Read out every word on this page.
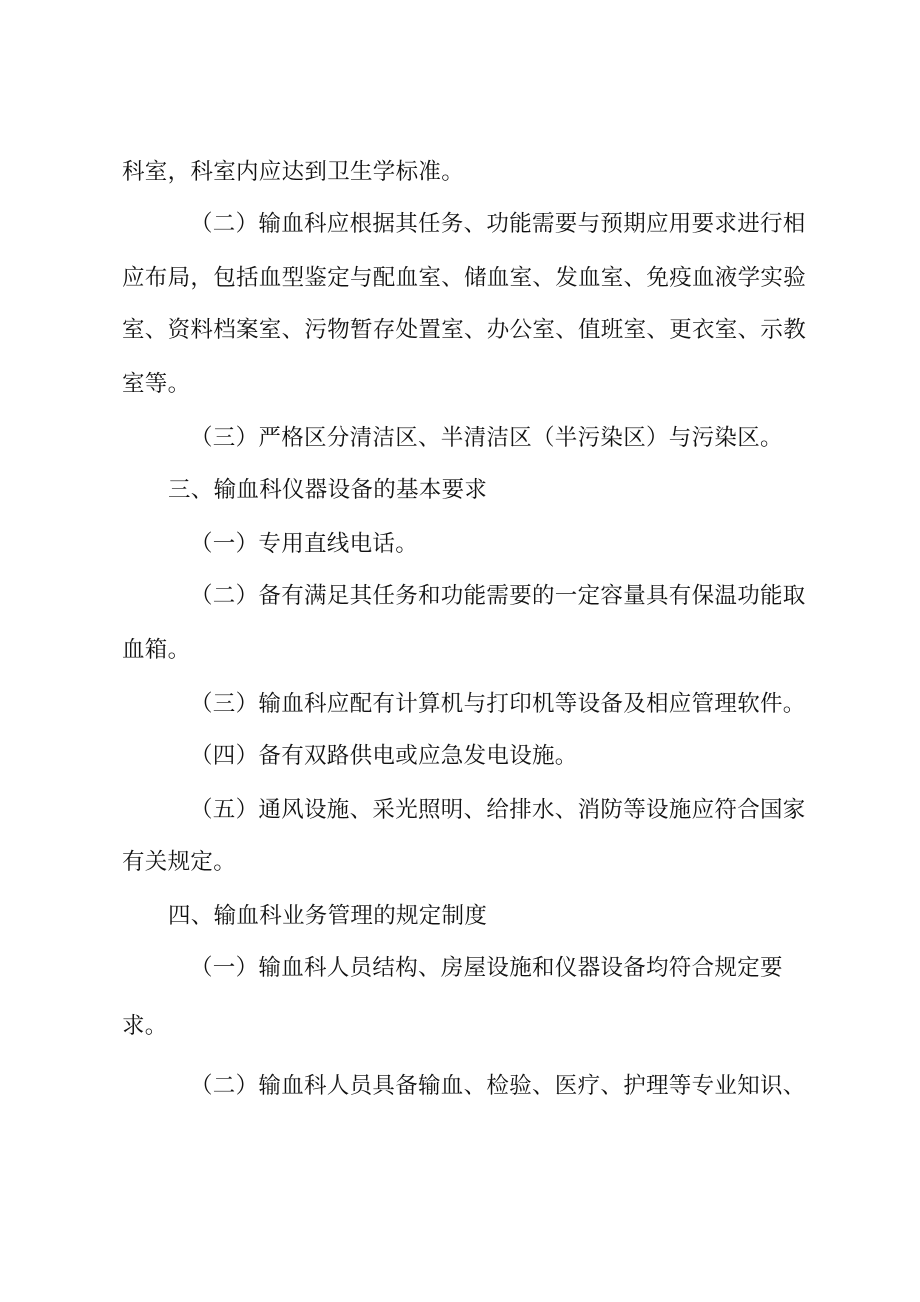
科室，科室内应达到卫生学标准。
（二）输血科应根据其任务、功能需要与预期应用要求进行相
应布局，包括血型鉴定与配血室、储血室、发血室、免疫血液学实验
室、资料档案室、污物暂存处置室、办公室、值班室、更衣室、示教
室等。
（三）严格区分清洁区、半清洁区（半污染区）与污染区。
三、输血科仪器设备的基本要求
（一）专用直线电话。
（二）备有满足其任务和功能需要的一定容量具有保温功能取
血箱。
（三）输血科应配有计算机与打印机等设备及相应管理软件。
（四）备有双路供电或应急发电设施。
（五）通风设施、采光照明、给排水、消防等设施应符合国家
有关规定。
四、输血科业务管理的规定制度
（一）输血科人员结构、房屋设施和仪器设备均符合规定要
求。
（二）输血科人员具备输血、检验、医疗、护理等专业知识、
